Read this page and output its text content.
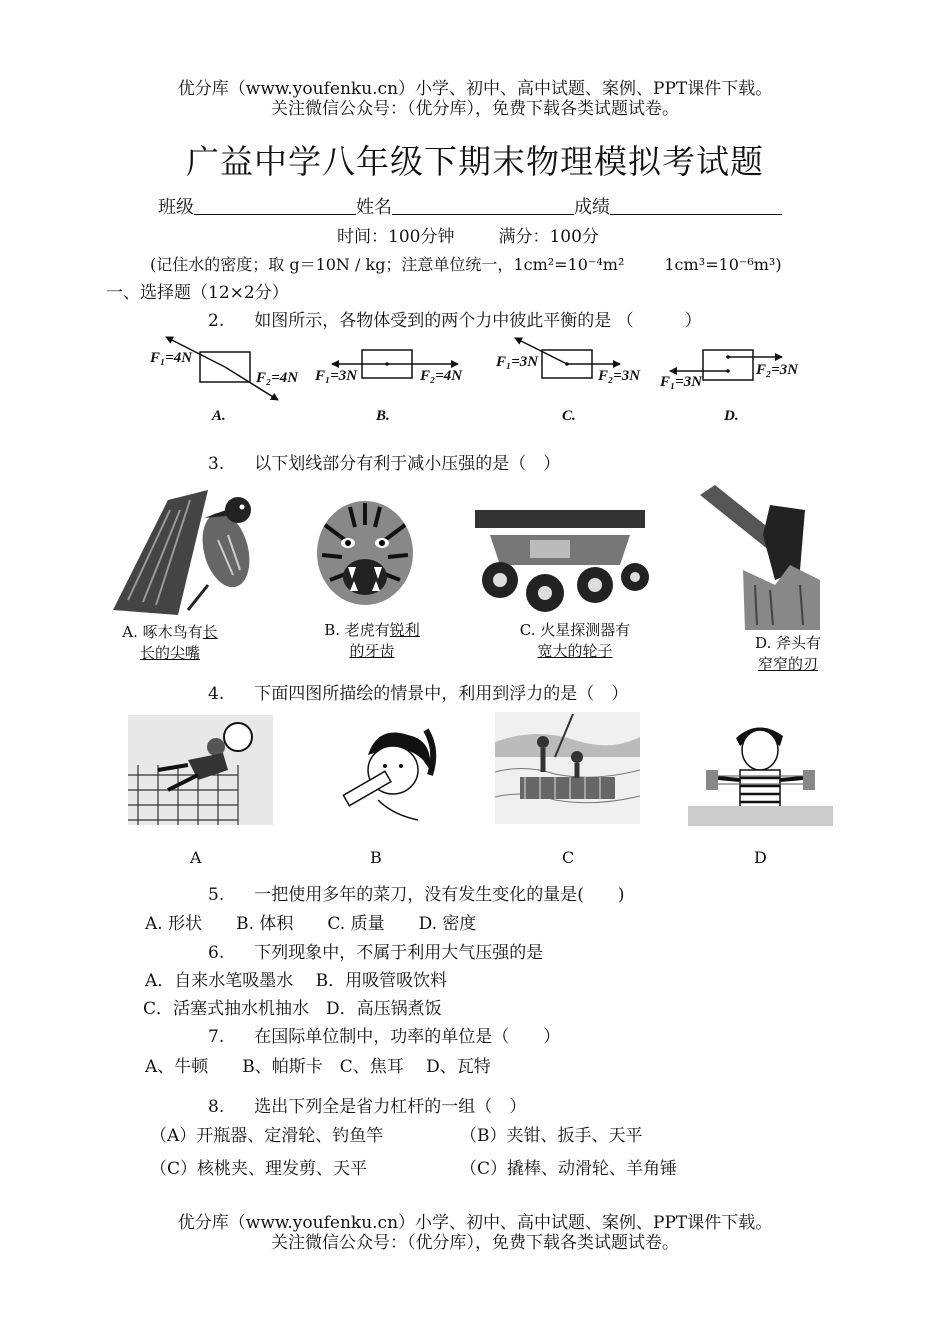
优分库（www.youfenku.cn）小学、初中、高中试题、案例、PPT课件下载。
关注微信公众号：（优分库），免费下载各类试题试卷。
广益中学八年级下期末物理模拟考试题
班级	姓名	成绩
时间：100分钟	满分：100分
(记住水的密度；取 g＝10N / kg；注意单位统一，1cm²=10⁻⁴m²	1cm³=10⁻⁶m³)
一、选择题（12×2分）
2. 如图所示，各物体受到的两个力中彼此平衡的是 （　　　）
F₁=4N
F₂=4N F₁=3N	F₂=4N
F₁=3N
F₂=3N F₁=3N
F₂=3N
A.	B.	C.	D.
3. 以下划线部分有利于减小压强的是（　）
A. 啄木鸟有长
长的尖嘴
B. 老虎有锐利
的牙齿
C. 火星探测器有
宽大的轮子	D. 斧头有
窄窄的刃
4. 下面四图所描绘的情景中，利用到浮力的是（　）
A	B	C	D
5. 一把使用多年的菜刀，没有发生变化的量是(　　)
A. 形状　　B. 体积　　C. 质量　　D. 密度
6. 下列现象中，不属于利用大气压强的是
A．自来水笔吸墨水　 B．用吸管吸饮料
C．活塞式抽水机抽水　D．高压锅煮饭
7. 在国际单位制中，功率的单位是（　　）
A、牛顿　　B、帕斯卡　C、焦耳　 D、瓦特
8. 选出下列全是省力杠杆的一组（　）
（A）开瓶器、定滑轮、钓鱼竿	（B）夹钳、扳手、天平
（C）核桃夹、理发剪、天平	（C）撬棒、动滑轮、羊角锤
优分库（www.youfenku.cn）小学、初中、高中试题、案例、PPT课件下载。
关注微信公众号：（优分库），免费下载各类试题试卷。
